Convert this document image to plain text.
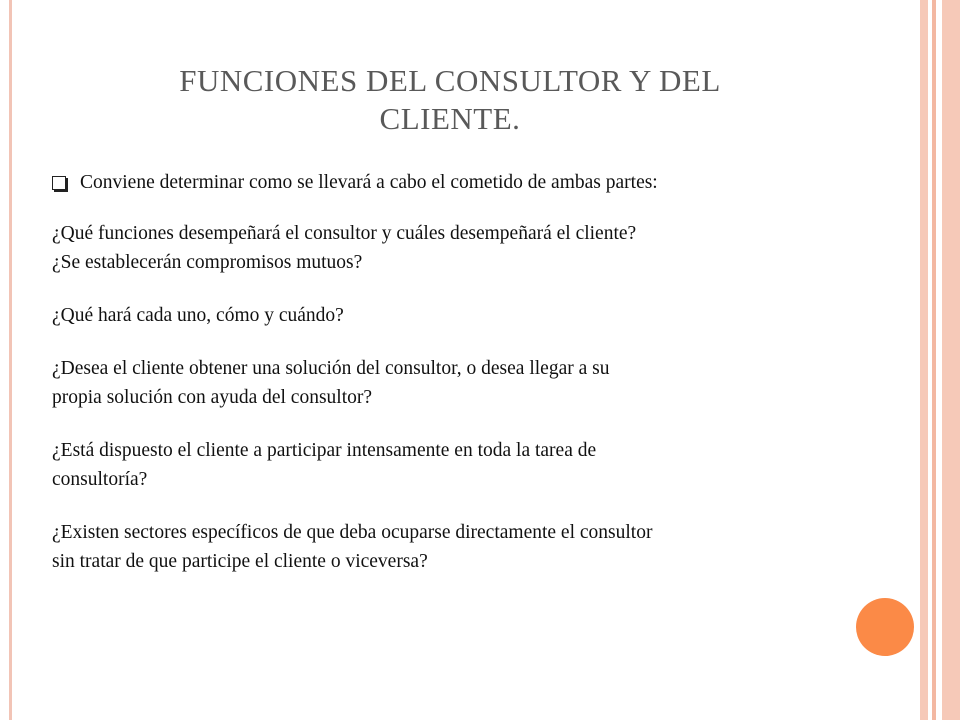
FUNCIONES DEL CONSULTOR Y DEL
CLIENTE.
Conviene determinar como se llevará a cabo el cometido de ambas partes:

¿Qué funciones desempeñará el consultor y cuáles desempeñará el cliente?

¿Se establecerán compromisos mutuos?

¿Qué hará cada uno, cómo y cuándo?

¿Desea el cliente obtener una solución del consultor, o desea llegar a su

propia solución con ayuda del consultor?

¿Está dispuesto el cliente a participar intensamente en toda la tarea de

consultoría?

¿Existen sectores específicos de que deba ocuparse directamente el consultor

sin tratar de que participe el cliente o viceversa?
